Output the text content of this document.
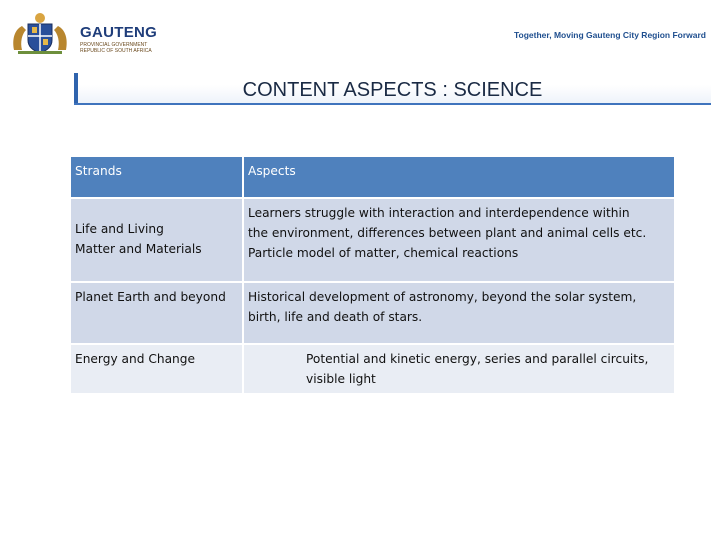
GAUTENG
PROVINCIAL GOVERNMENT
REPUBLIC OF SOUTH AFRICA
Together, Moving Gauteng City Region Forward
CONTENT ASPECTS : SCIENCE
Strands	Aspects

Life and Living
Matter and Materials	Learners struggle with interaction and interdependence within
the environment, differences between plant and animal cells etc.
Particle model of matter, chemical reactions

Planet Earth and beyond	Historical development of astronomy, beyond the solar system,
birth, life and death of stars.

Energy and Change	Potential and kinetic energy, series and parallel circuits,
visible light
